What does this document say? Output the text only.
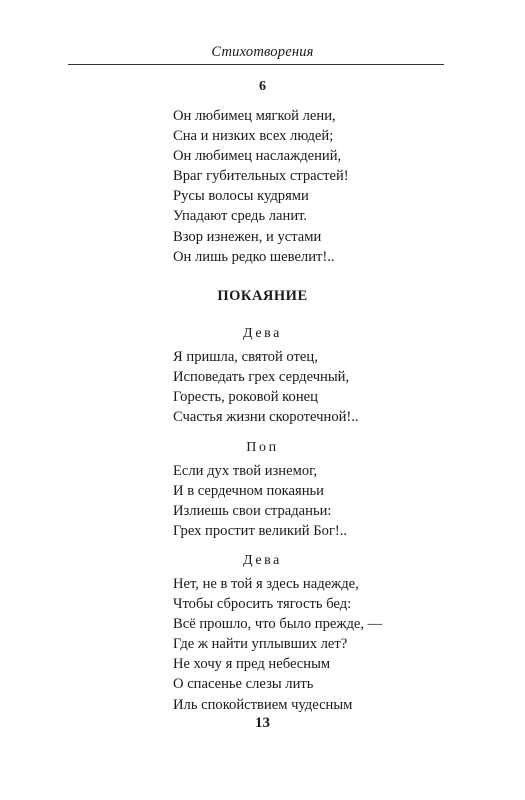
Стихотворения
6
Он любимец мягкой лени,
Сна и низких всех людей;
Он любимец наслаждений,
Враг губительных страстей!
Русы волосы кудрями
Упадают средь ланит.
Взор изнежен, и устами
Он лишь редко шевелит!..
ПОКАЯНИЕ
Дева
Я пришла, святой отец,
Исповедать грех сердечный,
Горесть, роковой конец
Счастья жизни скоротечной!..
Поп
Если дух твой изнемог,
И в сердечном покаяньи
Излиешь свои страданьи:
Грех простит великий Бог!..
Дева
Нет, не в той я здесь надежде,
Чтобы сбросить тягость бед:
Всё прошло, что было прежде, —
Где ж найти уплывших лет?
Не хочу я пред небесным
О спасенье слезы лить
Иль спокойствием чудесным
13
